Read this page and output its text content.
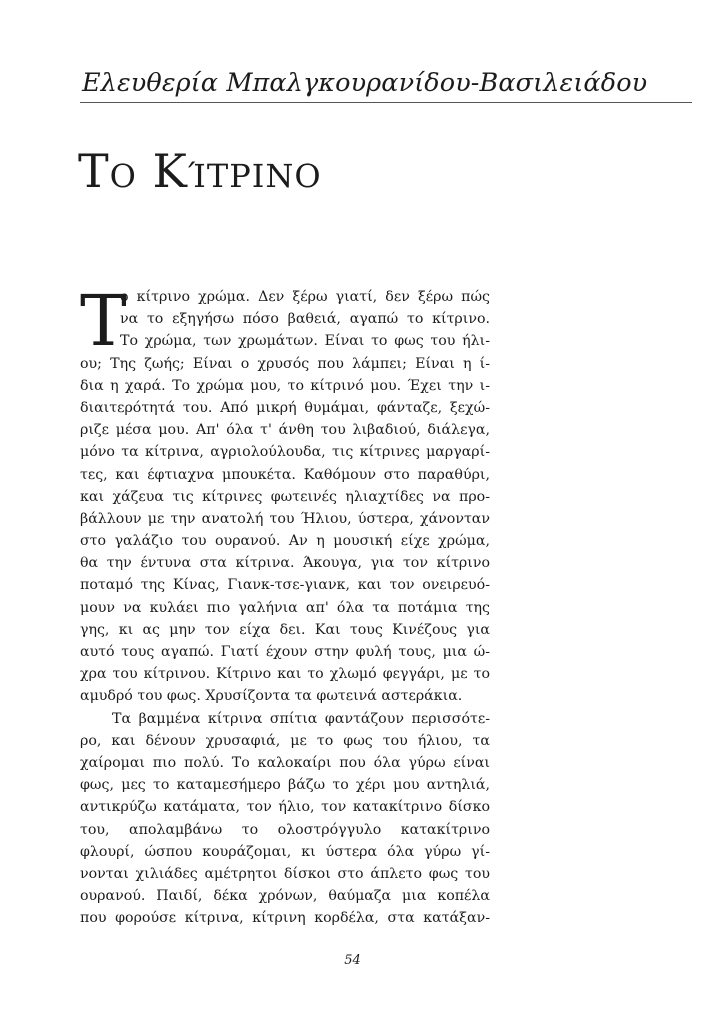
Ελευθερία Μπαλγκουρανίδου-Βασιλειάδου
Το Κίτρινο
Τ
ο κίτρινο χρώμα. Δεν ξέρω γιατί, δεν ξέρω πώς
να το εξηγήσω πόσο βαθειά, αγαπώ το κίτρινο.
Το χρώμα, των χρωμάτων. Είναι το φως του ήλι-
ου; Της ζωής; Είναι ο χρυσός που λάμπει; Είναι η ί-
δια η χαρά. Το χρώμα μου, το κίτρινό μου. Έχει την ι-
διαιτερότητά του. Από μικρή θυμάμαι, φάνταζε, ξεχώ-
ριζε μέσα μου. Απ' όλα τ' άνθη του λιβαδιού, διάλεγα,
μόνο τα κίτρινα, αγριολούλουδα, τις κίτρινες μαργαρί-
τες, και έφτιαχνα μπουκέτα. Καθόμουν στο παραθύρι,
και χάζευα τις κίτρινες φωτεινές ηλιαχτίδες να προ-
βάλλουν με την ανατολή του Ήλιου, ύστερα, χάνονταν
στο γαλάζιο του ουρανού. Αν η μουσική είχε χρώμα,
θα την έντυνα στα κίτρινα. Άκουγα, για τον κίτρινο
ποταμό της Κίνας, Γιανκ-τσε-γιανκ, και τον ονειρευό-
μουν να κυλάει πιο γαλήνια απ' όλα τα ποτάμια της
γης, κι ας μην τον είχα δει. Και τους Κινέζους για
αυτό τους αγαπώ. Γιατί έχουν στην φυλή τους, μια ώ-
χρα του κίτρινου. Κίτρινο και το χλωμό φεγγάρι, με το
αμυδρό του φως. Χρυσίζοντα τα φωτεινά αστεράκια.
Τα βαμμένα κίτρινα σπίτια φαντάζουν περισσότε-
ρο, και δένουν χρυσαφιά, με το φως του ήλιου, τα
χαίρομαι πιο πολύ. Το καλοκαίρι που όλα γύρω είναι
φως, μες το καταμεσήμερο βάζω το χέρι μου αντηλιά,
αντικρύζω κατάματα, τον ήλιο, τον κατακίτρινο δίσκο
του, απολαμβάνω το ολοστρόγγυλο κατακίτρινο
φλουρί, ώσπου κουράζομαι, κι ύστερα όλα γύρω γί-
νονται χιλιάδες αμέτρητοι δίσκοι στο άπλετο φως του
ουρανού. Παιδί, δέκα χρόνων, θαύμαζα μια κοπέλα
που φορούσε κίτρινα, κίτρινη κορδέλα, στα κατάξαν-
54
